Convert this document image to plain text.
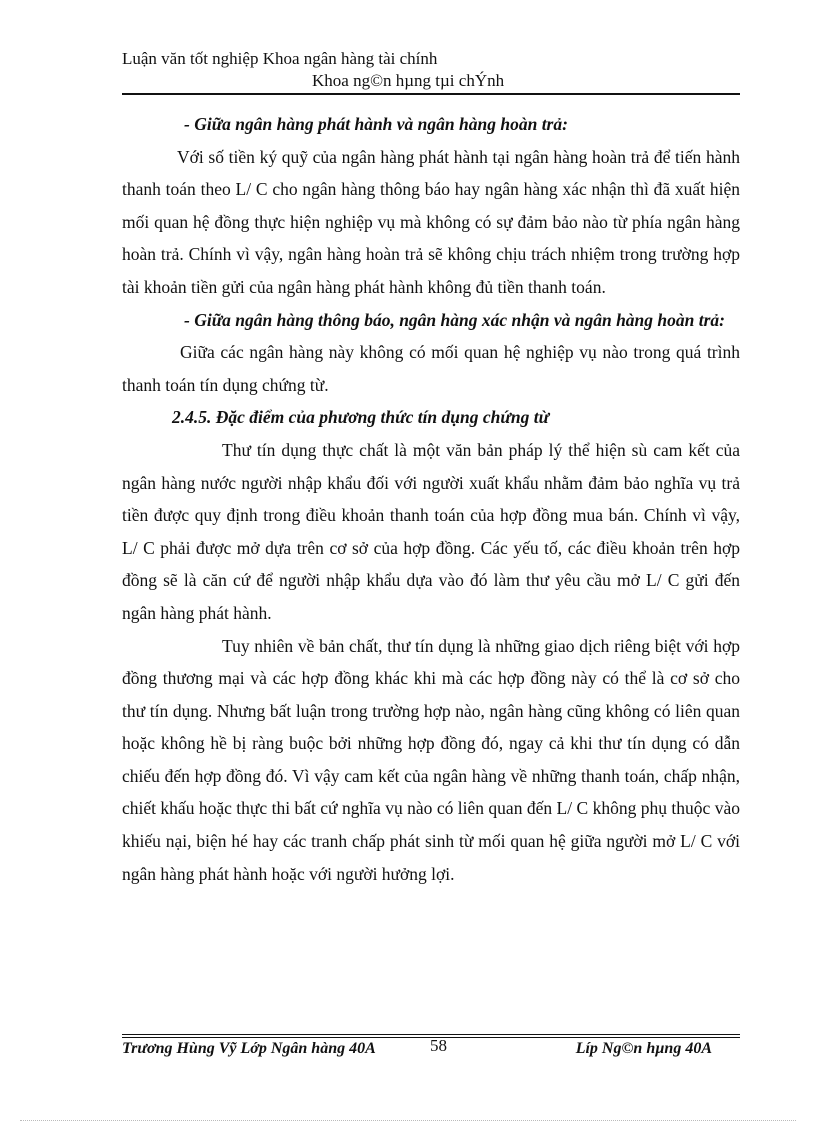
Luận văn tốt nghiệp Khoa ngân hàng tài chính

Khoa ng©n hµng tµi chÝnh

- Giữa ngân hàng phát hành và ngân hàng hoàn trả:

Với số tiền ký quỹ của ngân hàng phát hành tại ngân hàng hoàn trả để tiến hành thanh toán theo L/ C cho ngân hàng thông báo hay ngân hàng xác nhận thì đã xuất hiện mối quan hệ đồng thực hiện nghiệp vụ mà không có sự đảm bảo nào từ phía ngân hàng hoàn trả. Chính vì vậy, ngân hàng hoàn trả sẽ không chịu trách nhiệm trong trường hợp tài khoản tiền gửi của ngân hàng phát hành không đủ tiền thanh toán.

- Giữa ngân hàng thông báo, ngân hàng xác nhận và ngân hàng hoàn trả:

Giữa các ngân hàng này không có mối quan hệ nghiệp vụ nào trong quá trình thanh toán tín dụng chứng từ.

2.4.5. Đặc điểm của phương thức tín dụng chứng từ

Thư tín dụng thực chất là một văn bản pháp lý thể hiện sù cam kết của ngân hàng nước người nhập khẩu đối với người xuất khẩu nhằm đảm bảo nghĩa vụ trả tiền được quy định trong điều khoản thanh toán của hợp đồng mua bán. Chính vì vậy, L/ C phải được mở dựa trên cơ sở của hợp đồng. Các yếu tố, các điều khoản trên hợp đồng sẽ là căn cứ để người nhập khẩu dựa vào đó làm thư yêu cầu mở L/ C gửi đến ngân hàng phát hành.

Tuy nhiên về bản chất, thư tín dụng là những giao dịch riêng biệt với hợp đồng thương mại và các hợp đồng khác khi mà các hợp đồng này có thể là cơ sở cho thư tín dụng. Nhưng bất luận trong trường hợp nào, ngân hàng cũng không có liên quan hoặc không hề bị ràng buộc bởi những hợp đồng đó, ngay cả khi thư tín dụng có dẫn chiếu đến hợp đồng đó. Vì vậy cam kết của ngân hàng về những thanh toán, chấp nhận, chiết khấu hoặc thực thi bất cứ nghĩa vụ nào có liên quan đến L/ C không phụ thuộc vào khiếu nại, biện hé hay các tranh chấp phát sinh từ mối quan hệ giữa người mở L/ C với ngân hàng phát hành hoặc với người hưởng lợi.

Trương Hùng Vỹ Lớp Ngân hàng 40A	58	Líp Ng©n hµng 40A
